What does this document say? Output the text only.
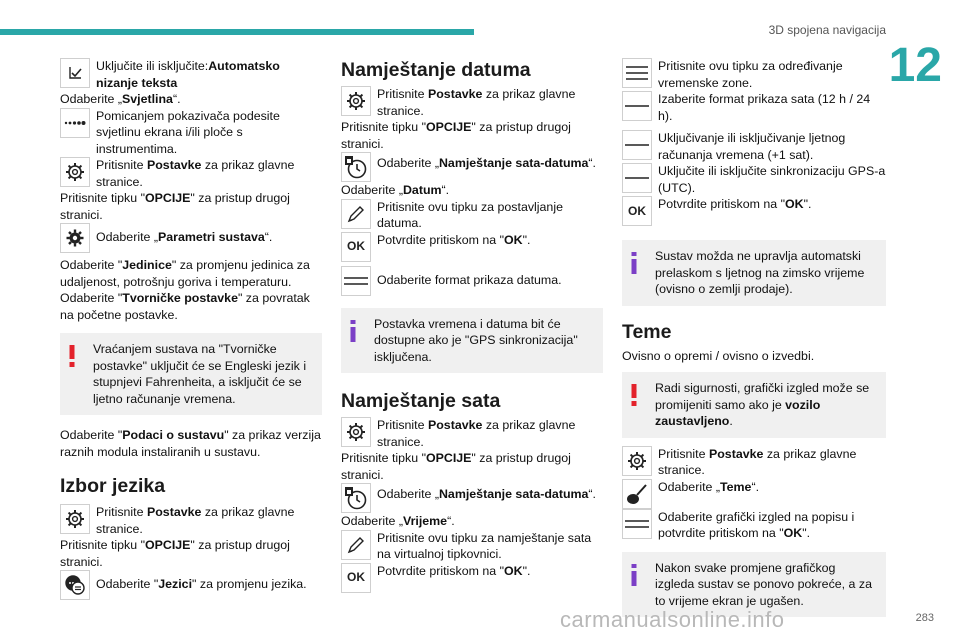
3D spojena navigacija
12
Uključite ili isključite:Automatsko nizanje teksta

Odaberite „Svjetlina“.

Pomicanjem pokazivača podesite svjetlinu ekrana i/ili ploče s instrumentima.
Pritisnite Postavke za prikaz glavne stranice.

Pritisnite tipku "OPCIJE" za pristup drugoj stranici.

Odaberite „Parametri sustava“.

Odaberite "Jedinice" za promjenu jedinica za udaljenost, potrošnju goriva i temperaturu.

Odaberite "Tvorničke postavke" za povratak na početne postavke.

Vraćanjem sustava na "Tvorničke postavke" uključit će se Engleski jezik i stupnjevi Fahrenheita, a isključit će se ljetno računanje vremena.

Odaberite "Podaci o sustavu" za prikaz verzija raznih modula instaliranih u sustavu.

Izbor jezika
Pritisnite Postavke za prikaz glavne stranice.

Pritisnite tipku "OPCIJE" za pristup drugoj stranici.

Odaberite "Jezici" za promjenu jezika.
Namještanje datuma
Pritisnite Postavke za prikaz glavne stranice.

Pritisnite tipku "OPCIJE" za pristup drugoj stranici.

Odaberite „Namještanje sata-datuma“.

Odaberite „Datum“.

Pritisnite ovu tipku za postavljanje datuma.
OK Potvrdite pritiskom na "OK".
Odaberite format prikaza datuma.
Postavka vremena i datuma bit će dostupne ako je "GPS sinkronizacija" isključena.
Namještanje sata
Pritisnite Postavke za prikaz glavne stranice.

Pritisnite tipku "OPCIJE" za pristup drugoj stranici.

Odaberite „Namještanje sata-datuma“.

Odaberite „Vrijeme“.

Pritisnite ovu tipku za namještanje sata na virtualnoj tipkovnici.
OK Potvrdite pritiskom na "OK".
Pritisnite ovu tipku za određivanje vremenske zone.
Izaberite format prikaza sata (12 h / 24 h).
Uključivanje ili isključivanje ljetnog računanja vremena (+1 sat).
Uključite ili isključite sinkronizaciju GPS-a (UTC).
OK Potvrdite pritiskom na "OK".
Sustav možda ne upravlja automatski prelaskom s ljetnog na zimsko vrijeme (ovisno o zemlji prodaje).
Teme

Ovisno o opremi / ovisno o izvedbi.

Radi sigurnosti, grafički izgled može se promijeniti samo ako je vozilo zaustavljeno.
Pritisnite Postavke za prikaz glavne stranice.
Odaberite „Teme“.
Odaberite grafički izgled na popisu i potvrdite pritiskom na "OK".
Nakon svake promjene grafičkog izgleda sustav se ponovo pokreće, a za to vrijeme ekran je ugašen.
carmanualsonline.info	283
